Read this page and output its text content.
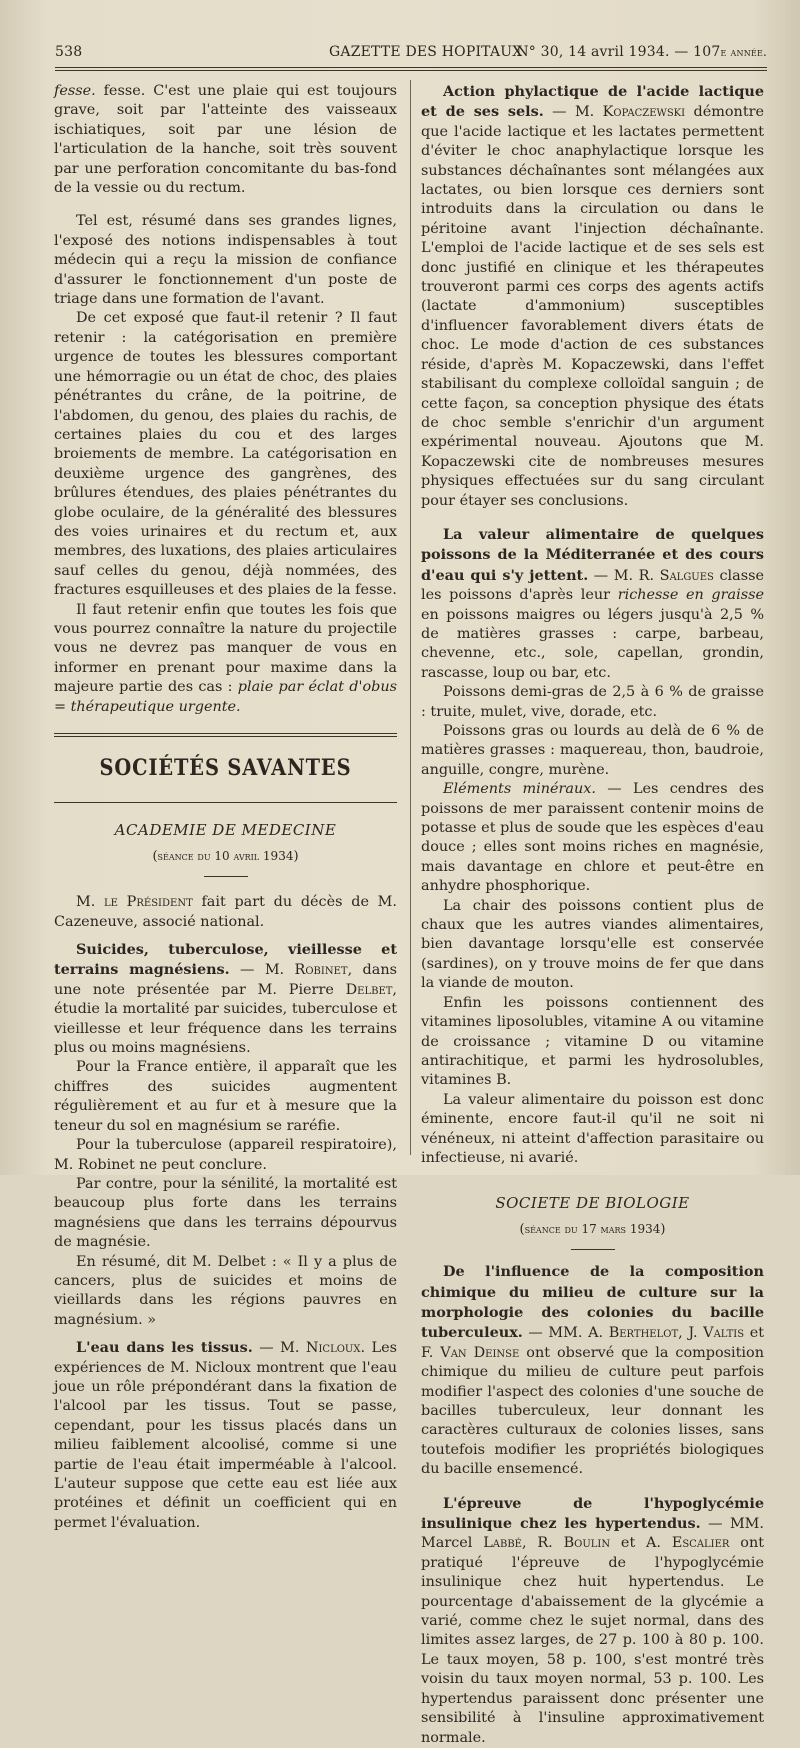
538	GAZETTE DES HOPITAUX
N° 30, 14 avril 1934. — 107e année.

fesse. fesse. C'est une plaie qui est toujours grave, soit par l'atteinte des vaisseaux ischiatiques, soit par une lésion de l'articulation de la hanche, soit très souvent par une perforation concomitante du bas-fond de la vessie ou du rectum.

Tel est, résumé dans ses grandes lignes, l'exposé des notions indispensables à tout médecin qui a reçu la mission de confiance d'assurer le fonctionnement d'un poste de triage dans une formation de l'avant.

De cet exposé que faut-il retenir ? Il faut retenir : la catégorisation en première urgence de toutes les blessures comportant une hémorragie ou un état de choc, des plaies pénétrantes du crâne, de la poitrine, de l'abdomen, du genou, des plaies du rachis, de certaines plaies du cou et des larges broiements de membre. La catégorisation en deuxième urgence des gangrènes, des brûlures étendues, des plaies pénétrantes du globe oculaire, de la généralité des blessures des voies urinaires et du rectum et, aux membres, des luxations, des plaies articulaires sauf celles du genou, déjà nommées, des fractures esquilleuses et des plaies de la fesse.

Il faut retenir enfin que toutes les fois que vous pourrez connaître la nature du projectile vous ne devrez pas manquer de vous en informer en prenant pour maxime dans la majeure partie des cas : plaie par éclat d'obus = thérapeutique urgente.

SOCIÉTÉS SAVANTES
ACADEMIE DE MEDECINE
(séance du 10 avril 1934)

M. le Président fait part du décès de M. Cazeneuve, associé national.

Suicides, tuberculose, vieillesse et terrains magnésiens. — M. Robinet, dans une note présentée par M. Pierre Delbet, étudie la mortalité par suicides, tuberculose et vieillesse et leur fréquence dans les terrains plus ou moins magnésiens.

Pour la France entière, il apparaît que les chiffres des suicides augmentent régulièrement et au fur et à mesure que la teneur du sol en magnésium se raréfie.

Pour la tuberculose (appareil respiratoire), M. Robinet ne peut conclure.

Par contre, pour la sénilité, la mortalité est beaucoup plus forte dans les terrains magnésiens que dans les terrains dépourvus de magnésie.

En résumé, dit M. Delbet : « Il y a plus de cancers, plus de suicides et moins de vieillards dans les régions pauvres en magnésium. »

L'eau dans les tissus. — M. Nicloux. Les expériences de M. Nicloux montrent que l'eau joue un rôle prépondérant dans la fixation de l'alcool par les tissus. Tout se passe, cependant, pour les tissus placés dans un milieu faiblement alcoolisé, comme si une partie de l'eau était imperméable à l'alcool. L'auteur suppose que cette eau est liée aux protéines et définit un coefficient qui en permet l'évaluation.

Action phylactique de l'acide lactique et de ses sels. — M. Kopaczewski démontre que l'acide lactique et les lactates permettent d'éviter le choc anaphylactique lorsque les substances déchaînantes sont mélangées aux lactates, ou bien lorsque ces derniers sont introduits dans la circulation ou dans le péritoine avant l'injection déchaînante. L'emploi de l'acide lactique et de ses sels est donc justifié en clinique et les thérapeutes trouveront parmi ces corps des agents actifs (lactate d'ammonium) susceptibles d'influencer favorablement divers états de choc. Le mode d'action de ces substances réside, d'après M. Kopaczewski, dans l'effet stabilisant du complexe colloïdal sanguin ; de cette façon, sa conception physique des états de choc semble s'enrichir d'un argument expérimental nouveau. Ajoutons que M. Kopaczewski cite de nombreuses mesures physiques effectuées sur du sang circulant pour étayer ses conclusions.

La valeur alimentaire de quelques poissons de la Méditerranée et des cours d'eau qui s'y jettent. — M. R. Salgues classe les poissons d'après leur richesse en graisse en poissons maigres ou légers jusqu'à 2,5 % de matières grasses : carpe, barbeau, chevenne, etc., sole, capellan, grondin, rascasse, loup ou bar, etc.

Poissons demi-gras de 2,5 à 6 % de graisse : truite, mulet, vive, dorade, etc.

Poissons gras ou lourds au delà de 6 % de matières grasses : maquereau, thon, baudroie, anguille, congre, murène.

Eléments minéraux. — Les cendres des poissons de mer paraissent contenir moins de potasse et plus de soude que les espèces d'eau douce ; elles sont moins riches en magnésie, mais davantage en chlore et peut-être en anhydre phosphorique.

La chair des poissons contient plus de chaux que les autres viandes alimentaires, bien davantage lorsqu'elle est conservée (sardines), on y trouve moins de fer que dans la viande de mouton.

Enfin les poissons contiennent des vitamines liposolubles, vitamine A ou vitamine de croissance ; vitamine D ou vitamine antirachitique, et parmi les hydrosolubles, vitamines B.

La valeur alimentaire du poisson est donc éminente, encore faut-il qu'il ne soit ni vénéneux, ni atteint d'affection parasitaire ou infectieuse, ni avarié.

SOCIETE DE BIOLOGIE
(séance du 17 mars 1934)

De l'influence de la composition chimique du milieu de culture sur la morphologie des colonies du bacille tuberculeux. — MM. A. Berthelot, J. Valtis et F. Van Deinse ont observé que la composition chimique du milieu de culture peut parfois modifier l'aspect des colonies d'une souche de bacilles tuberculeux, leur donnant les caractères culturaux de colonies lisses, sans toutefois modifier les propriétés biologiques du bacille ensemencé.

L'épreuve de l'hypoglycémie insulinique chez les hypertendus. — MM. Marcel Labbé, R. Boulin et A. Escalier ont pratiqué l'épreuve de l'hypoglycémie insulinique chez huit hypertendus. Le pourcentage d'abaissement de la glycémie a varié, comme chez le sujet normal, dans des limites assez larges, de 27 p. 100 à 80 p. 100. Le taux moyen, 58 p. 100, s'est montré très voisin du taux moyen normal, 53 p. 100. Les hypertendus paraissent donc présenter une sensibilité à l'insuline approximativement normale.
